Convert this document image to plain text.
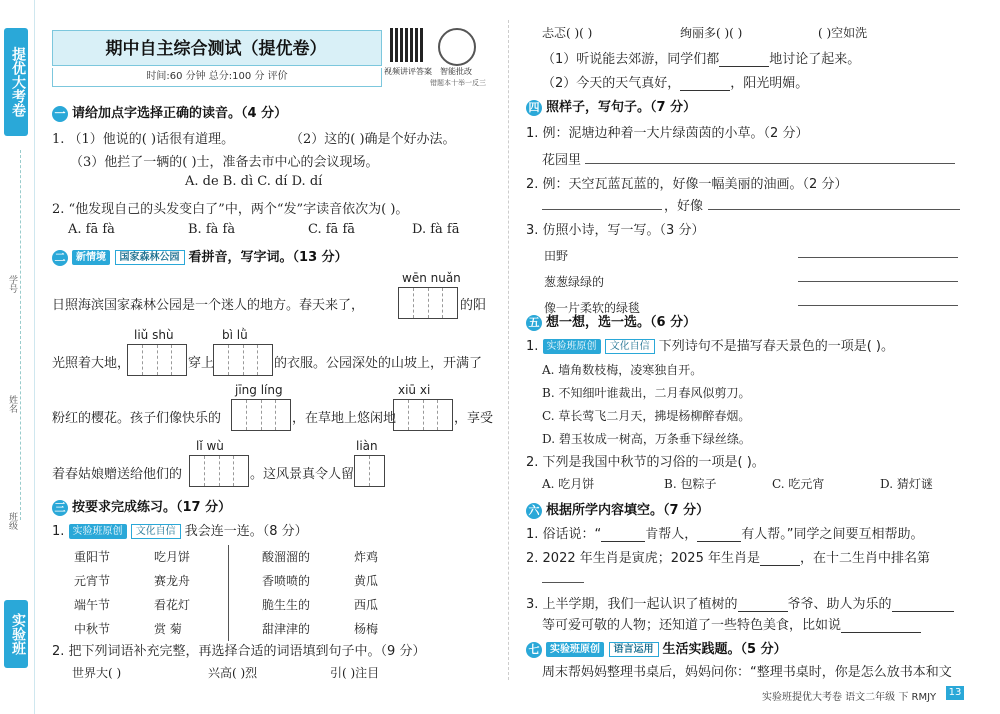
提优大考卷
学号
姓名
班级
实验班
期中自主综合测试（提优卷）
时间:60 分钟 总分:100 分 评价	视频讲评答案 智能批改
错题本十举一反三
一 请给加点字选择正确的读音。（4 分）
1. （1）他说的( )话很有道理。	（2）这的( )确是个好办法。
（3）他拦了一辆的( )士，准备去市中心的会议现场。
A. de B. dì C. dí D. dí
2. “他发现自己的头发变白了”中，两个“发”字读音依次为( )。
A. fā fà	B. fà fà	C. fā fā	D. fà fā
二 新情境 国家森林公园 看拼音，写字词。（13 分）
wēn nuǎn
日照海滨国家森林公园是一个迷人的地方。春天来了，	的阳
liǔ shù	bì lǜ
光照着大地，	穿上	的衣服。公园深处的山坡上，开满了
jīng líng	xiū xi
粉红的樱花。孩子们像快乐的	，在草地上悠闲地	，享受
lǐ wù	liàn
着春姑娘赠送给他们的	。这风景真令人留
三 按要求完成练习。（17 分）
1. 实验班原创 文化自信 我会连一连。（8 分）
重阳节
元宵节
端午节
中秋节
吃月饼
赛龙舟
看花灯
赏 菊
酸溜溜的
香喷喷的
脆生生的
甜津津的
炸鸡
黄瓜
西瓜
杨梅
2. 把下列词语补充完整，再选择合适的词语填到句子中。（9 分）
世界大( )	兴高( )烈	引( )注目
忐忑( )( )	绚丽多( )( )	( )空如洗
（1）听说能去郊游，同学们都	地讨论了起来。
（2）今天的天气真好，	，阳光明媚。
四 照样子，写句子。（7 分）
1. 例：泥塘边种着一大片绿茵茵的小草。（2 分）
花园里
2. 例：天空瓦蓝瓦蓝的，好像一幅美丽的油画。（2 分）
，好像
3. 仿照小诗，写一写。（3 分）
田野
葱葱绿绿的
像一片柔软的绿毯
五 想一想，选一选。（6 分）
1. 实验班原创 文化自信 下列诗句不是描写春天景色的一项是( )。
A. 墙角数枝梅，凌寒独自开。
B. 不知细叶谁裁出，二月春风似剪刀。
C. 草长莺飞二月天，拂堤杨柳醉春烟。
D. 碧玉妆成一树高，万条垂下绿丝绦。
2. 下列是我国中秋节的习俗的一项是( )。
A. 吃月饼	B. 包粽子	C. 吃元宵	D. 猜灯谜
六 根据所学内容填空。（7 分）
1. 俗话说：“	肯帮人，	有人帮。”同学之间要互相帮助。
2. 2022 年生肖是寅虎；2025 年生肖是	，在十二生肖中排名第
3. 上半学期，我们一起认识了植树的	爷爷、助人为乐的
等可爱可敬的人物；还知道了一些特色美食，比如说
七 实验班原创 语言运用 生活实践题。（5 分）
周末帮妈妈整理书桌后，妈妈问你：“整理书桌时，你是怎么放书本和文
实验班提优大考卷 语文二年级 下 RMJY 13
